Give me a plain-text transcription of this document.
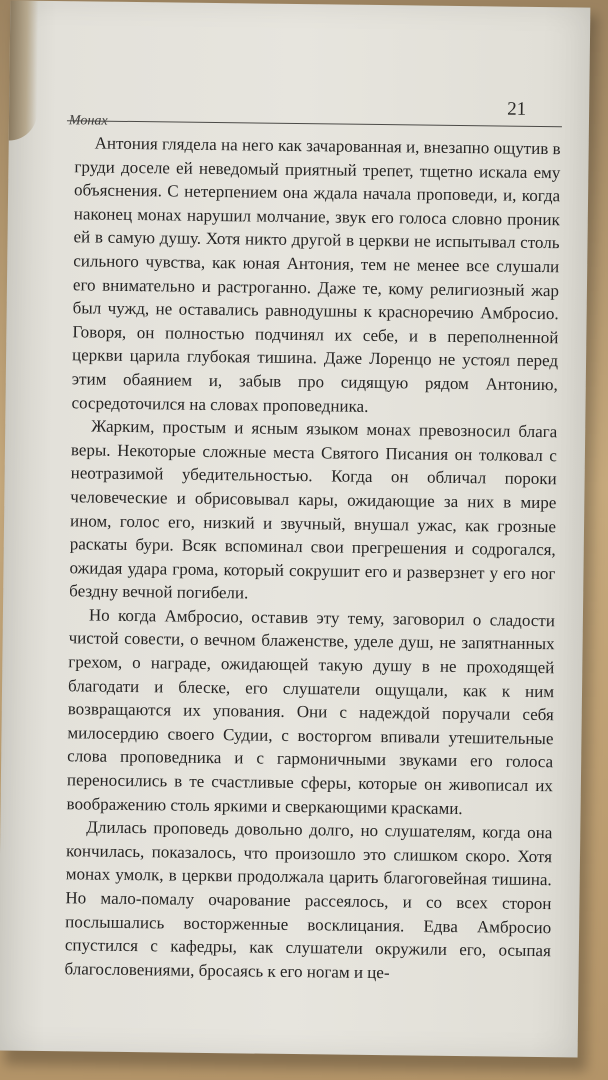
Монах
21

Антония глядела на него как зачарованная и, внезапно ощутив в груди доселе ей неведомый приятный трепет, тщетно искала ему объяснения. С нетерпением она ждала начала проповеди, и, когда наконец монах нарушил молчание, звук его голоса словно проник ей в самую душу. Хотя никто другой в церкви не испытывал столь сильного чувства, как юная Антония, тем не менее все слушали его внимательно и растроганно. Даже те, кому религиозный жар был чужд, не оставались равнодушны к красноречию Амбросио. Говоря, он полностью подчинял их себе, и в переполненной церкви царила глубокая тишина. Даже Лоренцо не устоял перед этим обаянием и, забыв про сидящую рядом Антонию, сосредоточился на словах проповедника.

Жарким, простым и ясным языком монах превозносил блага веры. Некоторые сложные места Святого Писания он толковал с неотразимой убедительностью. Когда он обличал пороки человеческие и обрисовывал кары, ожидающие за них в мире ином, голос его, низкий и звучный, внушал ужас, как грозные раскаты бури. Всяк вспоминал свои прегрешения и содрогался, ожидая удара грома, который сокрушит его и разверзнет у его ног бездну вечной погибели.

Но когда Амбросио, оставив эту тему, заговорил о сладости чистой совести, о вечном блаженстве, уделе душ, не запятнанных грехом, о награде, ожидающей такую душу в не проходящей благодати и блеске, его слушатели ощущали, как к ним возвращаются их упования. Они с надеждой поручали себя милосердию своего Судии, с восторгом впивали утешительные слова проповедника и с гармоничными звуками его голоса переносились в те счастливые сферы, которые он живописал их воображению столь яркими и сверкающими красками.

Длилась проповедь довольно долго, но слушателям, когда она кончилась, показалось, что произошло это слишком скоро. Хотя монах умолк, в церкви продолжала царить благоговейная тишина. Но мало-помалу очарование рассеялось, и со всех сторон послышались восторженные восклицания. Едва Амбросио спустился с кафедры, как слушатели окружили его, осыпая благословениями, бросаясь к его ногам и це-
